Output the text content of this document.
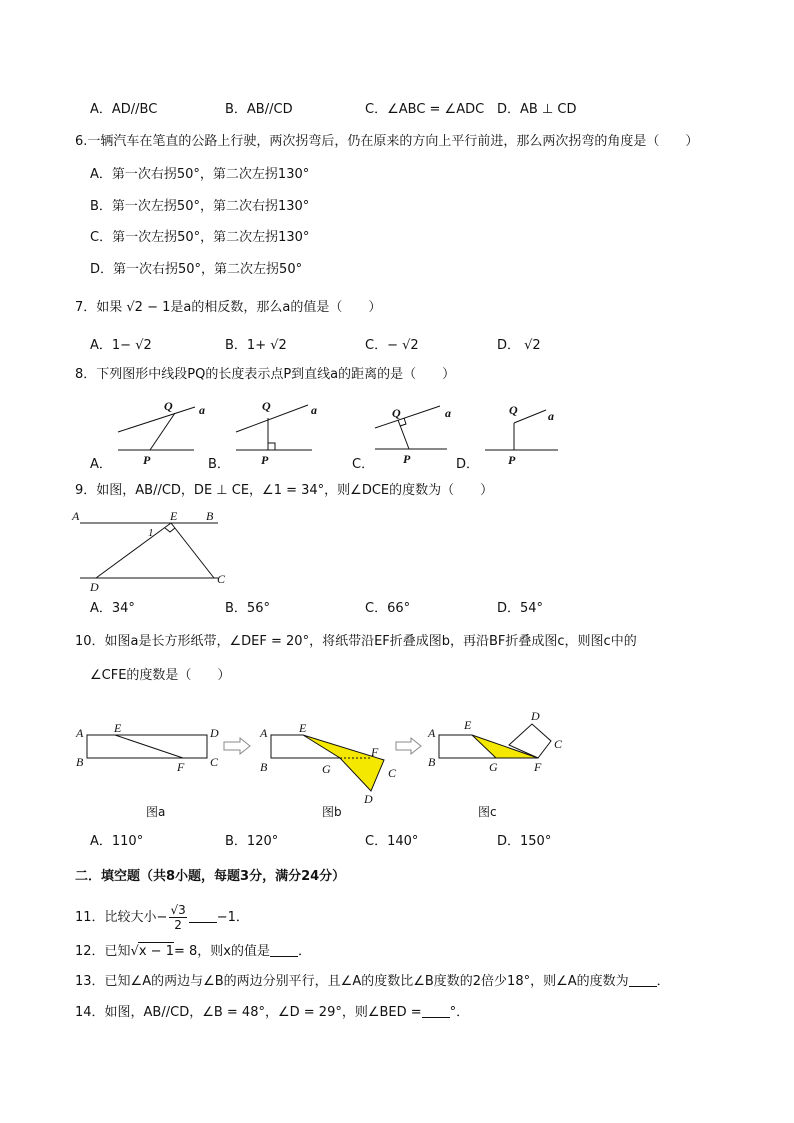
A．AD//BC	B．AB//CD	C．∠ABC = ∠ADC D．AB ⊥ CD
6.一辆汽车在笔直的公路上行驶，两次拐弯后，仍在原来的方向上平行前进，那么两次拐弯的角度是（　　）
A．第一次右拐50°，第二次左拐130°
B．第一次左拐50°，第二次右拐130°
C．第一次左拐50°，第二次左拐130°
D．第一次右拐50°，第二次左拐50°
7．如果 √2 − 1是a的相反数，那么a的值是（　　）
A．1− √2	B．1+ √2	C．− √2	D． √2
8．下列图形中线段PQ的长度表示点P到直线a的距离的是（　　）
A．	B．	C．	D．
Q a
P
Q	a
P
Q	a
P
Q	a
P
A	E B
1
D
C
A	E	D
B	F C
A	E
B	G
F
C
D
A
E
B	G	F
D
C
9．如图，AB//CD，DE ⊥ CE，∠1 = 34°，则∠DCE的度数为（　　）
A．34°	B．56°	C．66°	D．54°
10．如图a是长方形纸带，∠DEF = 20°，将纸带沿EF折叠成图b，再沿BF折叠成图c，则图c中的
∠CFE的度数是（　　）
图a	图b	图c
A．110°	B．120°	C．140°	D．150°
二．填空题（共8小题，每题3分，满分24分）
11．比较大小− $\frac{√3}{2} -1$．
12．已知√x − 1= 8，则x的值是 ．
13．已知∠A的两边与∠B的两边分别平行，且∠A的度数比∠B度数的2倍少18°，则∠A的度数为 ．
14．如图，AB//CD，∠B = 48°，∠D = 29°，则∠BED = °．
